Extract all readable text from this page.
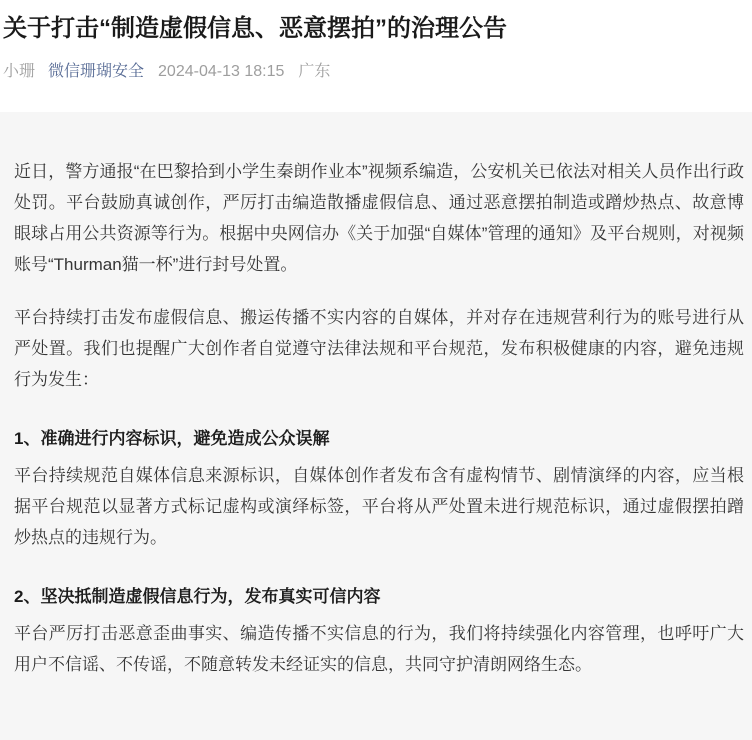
关于打击“制造虚假信息、恶意摆拍”的治理公告
小珊 微信珊瑚安全 2024-04-13 18:15 广东

近日，警方通报“在巴黎拾到小学生秦朗作业本”视频系编造，公安机关已依法对相关人员作出行政处罚。平台鼓励真诚创作，严厉打击编造散播虚假信息、通过恶意摆拍制造或蹭炒热点、故意博眼球占用公共资源等行为。根据中央网信办《关于加强“自媒体”管理的通知》及平台规则，对视频账号“Thurman猫一杯”进行封号处置。

平台持续打击发布虚假信息、搬运传播不实内容的自媒体，并对存在违规营利行为的账号进行从严处置。我们也提醒广大创作者自觉遵守法律法规和平台规范，发布积极健康的内容，避免违规行为发生：

1、准确进行内容标识，避免造成公众误解

平台持续规范自媒体信息来源标识，自媒体创作者发布含有虚构情节、剧情演绎的内容，应当根据平台规范以显著方式标记虚构或演绎标签，平台将从严处置未进行规范标识，通过虚假摆拍蹭炒热点的违规行为。

2、坚决抵制造虚假信息行为，发布真实可信内容

平台严厉打击恶意歪曲事实、编造传播不实信息的行为，我们将持续强化内容管理，也呼吁广大用户不信谣、不传谣，不随意转发未经证实的信息，共同守护清朗网络生态。
